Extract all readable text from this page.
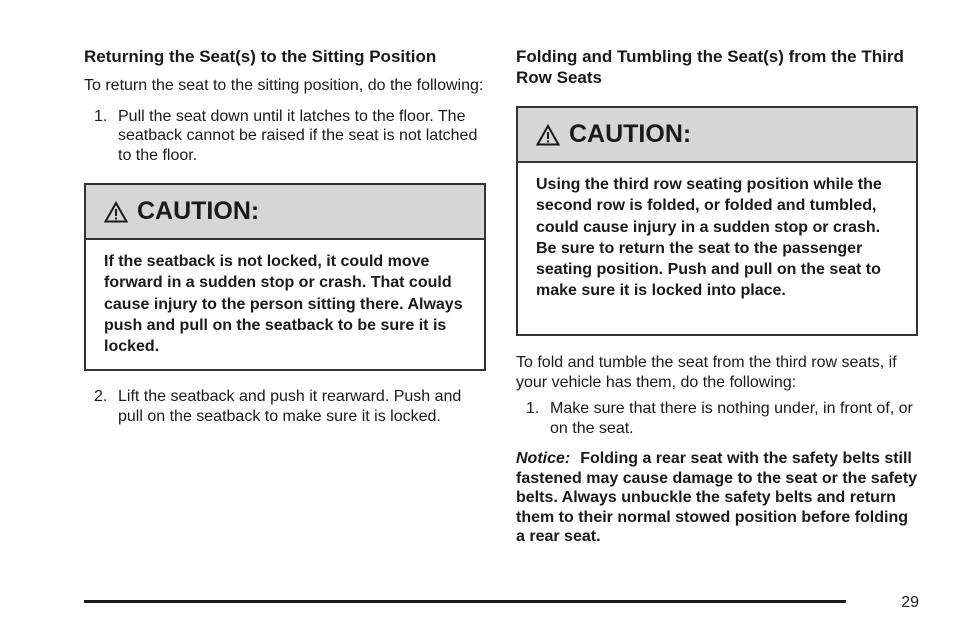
Returning the Seat(s) to the Sitting Position

To return the seat to the sitting position, do the following:

1. Pull the seat down until it latches to the floor. The seatback cannot be raised if the seat is not latched to the floor.
CAUTION:
If the seatback is not locked, it could move forward in a sudden stop or crash. That could cause injury to the person sitting there. Always push and pull on the seatback to be sure it is locked.
2. Lift the seatback and push it rearward. Push and pull on the seatback to make sure it is locked.
Folding and Tumbling the Seat(s) from the Third Row Seats
CAUTION:
Using the third row seating position while the second row is folded, or folded and tumbled, could cause injury in a sudden stop or crash. Be sure to return the seat to the passenger seating position. Push and pull on the seat to make sure it is locked into place.

To fold and tumble the seat from the third row seats, if your vehicle has them, do the following:

1. Make sure that there is nothing under, in front of, or on the seat.

Notice: Folding a rear seat with the safety belts still fastened may cause damage to the seat or the safety belts. Always unbuckle the safety belts and return them to their normal stowed position before folding a rear seat.

29
